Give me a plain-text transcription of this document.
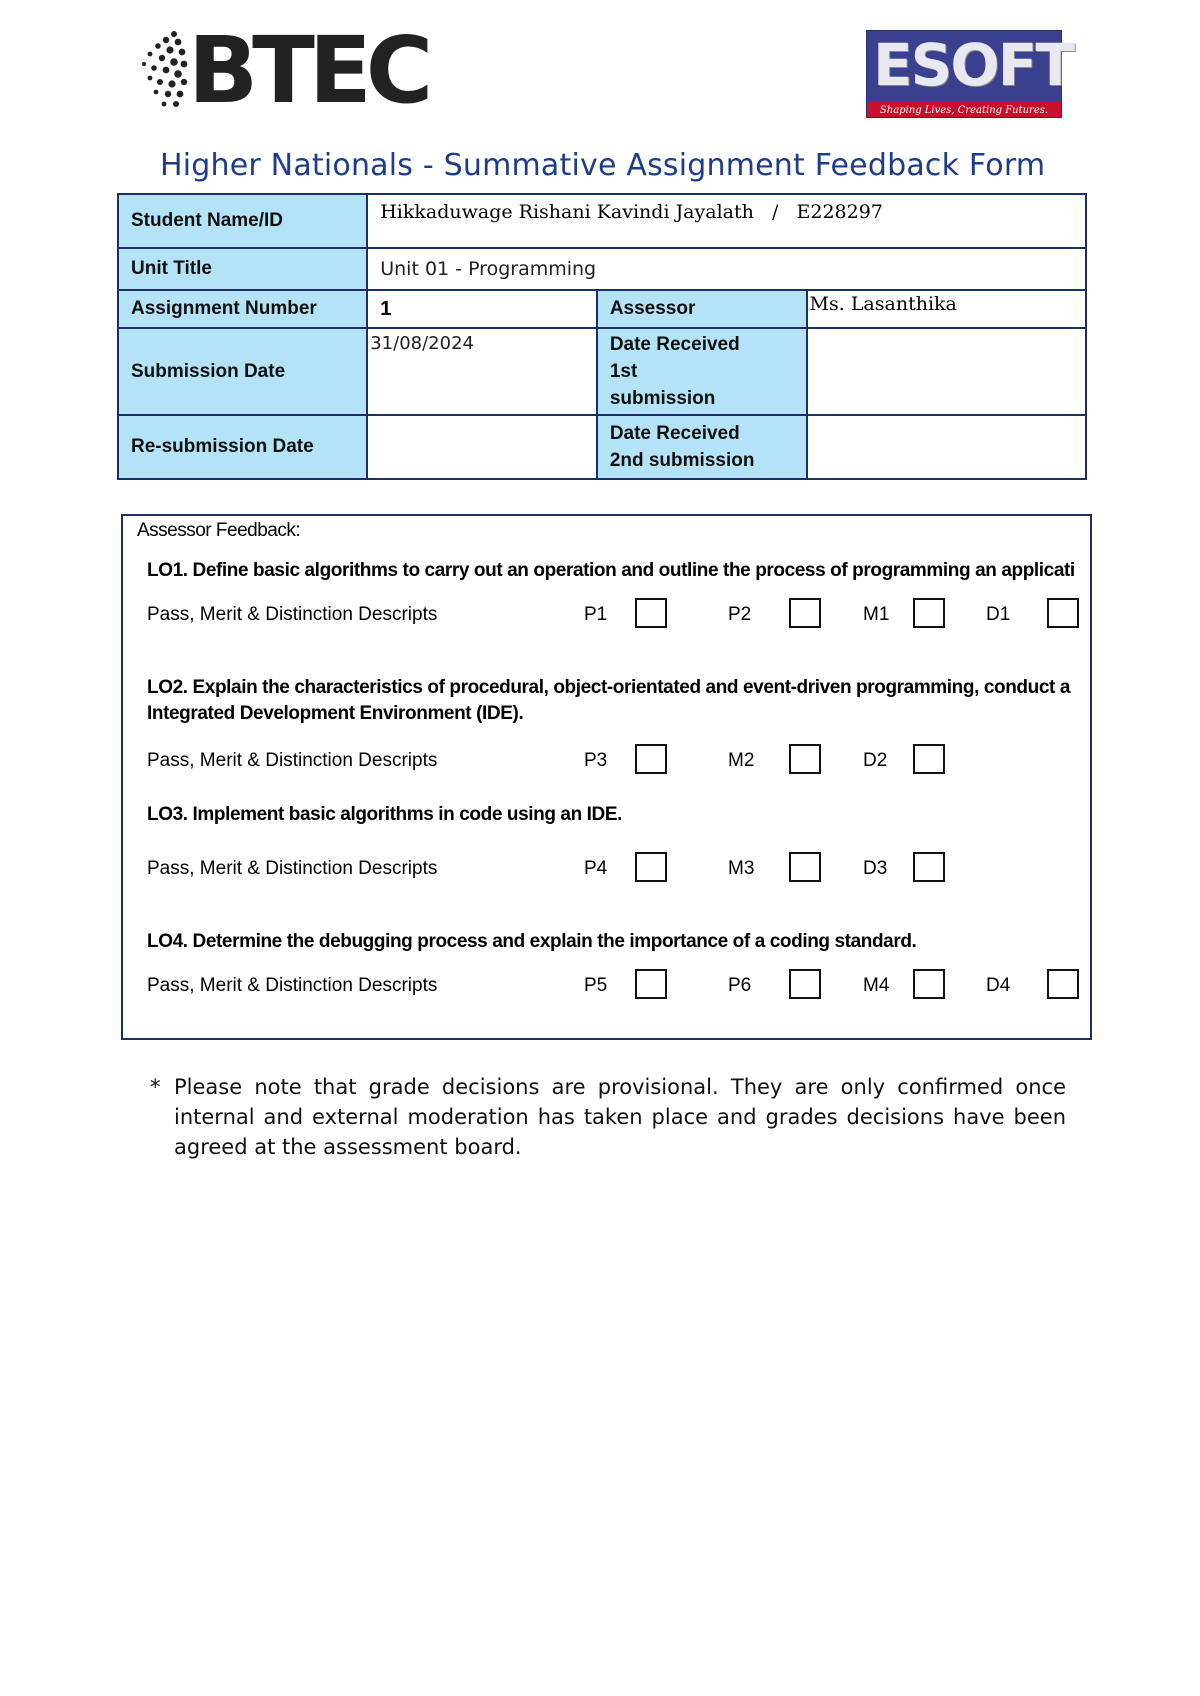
BTEC	ESOFT
Shaping Lives, Creating Futures.
Higher Nationals - Summative Assignment Feedback Form
Student Name/ID	Hikkaduwage Rishani Kavindi Jayalath   /   E228297		
Unit Title	Unit 01 - Programming		
Assignment Number	1	Assessor	Ms. Lasanthika
Submission Date	31/08/2024	Date Received
1st
submission	

Re-submission Date		Date Received
2nd submission	

Assessor Feedback:
LO1. Define basic algorithms to carry out an operation and outline the process of programming an applicati
Pass, Merit & Distinction Descripts	P1	P2	M1	D1
LO2. Explain the characteristics of procedural, object-orientated and event-driven programming, conduct a
Integrated Development Environment (IDE).
Pass, Merit & Distinction Descripts	P3	M2	D2
LO3. Implement basic algorithms in code using an IDE.
Pass, Merit & Distinction Descripts	P4	M3	D3
LO4. Determine the debugging process and explain the importance of a coding standard.
Pass, Merit & Distinction Descripts	P5	P6	M4	D4
* Please note that grade decisions are provisional. They are only confirmed once internal and external moderation has taken place and grades decisions have been agreed at the assessment board.
